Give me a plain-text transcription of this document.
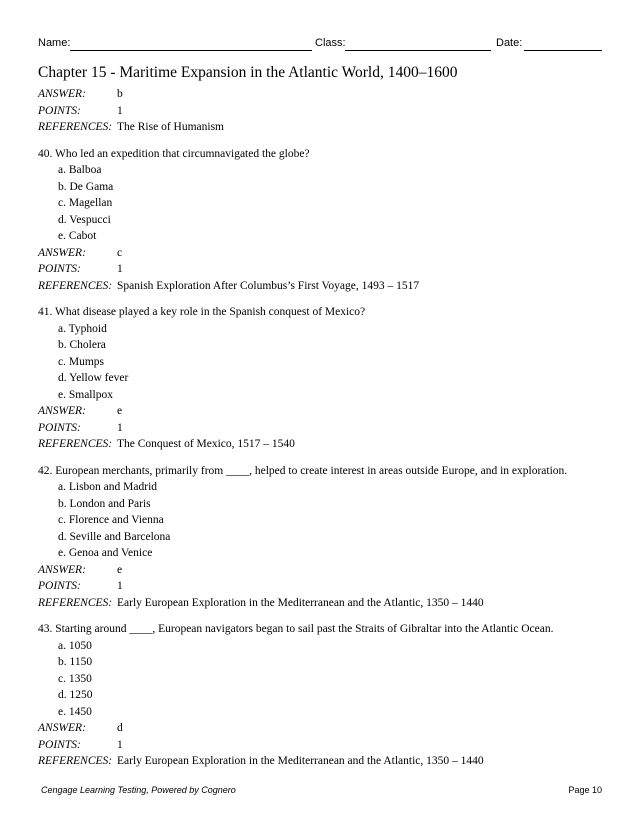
Name:	Class:	Date:
Chapter 15 - Maritime Expansion in the Atlantic World, 1400–1600
ANSWER:	b
POINTS:	1
REFERENCES: The Rise of Humanism
40. Who led an expedition that circumnavigated the globe?
a. Balboa
b. De Gama
c. Magellan
d. Vespucci
e. Cabot
ANSWER:	c
POINTS:	1
REFERENCES: Spanish Exploration After Columbus’s First Voyage, 1493 – 1517
41. What disease played a key role in the Spanish conquest of Mexico?
a. Typhoid
b. Cholera
c. Mumps
d. Yellow fever
e. Smallpox
ANSWER:	e
POINTS:	1
REFERENCES: The Conquest of Mexico, 1517 – 1540
42. European merchants, primarily from ____, helped to create interest in areas outside Europe, and in exploration.
a. Lisbon and Madrid
b. London and Paris
c. Florence and Vienna
d. Seville and Barcelona
e. Genoa and Venice
ANSWER:	e
POINTS:	1
REFERENCES: Early European Exploration in the Mediterranean and the Atlantic, 1350 – 1440
43. Starting around ____, European navigators began to sail past the Straits of Gibraltar into the Atlantic Ocean.
a. 1050
b. 1150
c. 1350
d. 1250
e. 1450
ANSWER:	d
POINTS:	1
REFERENCES: Early European Exploration in the Mediterranean and the Atlantic, 1350 – 1440
Cengage Learning Testing, Powered by Cognero	Page 10
